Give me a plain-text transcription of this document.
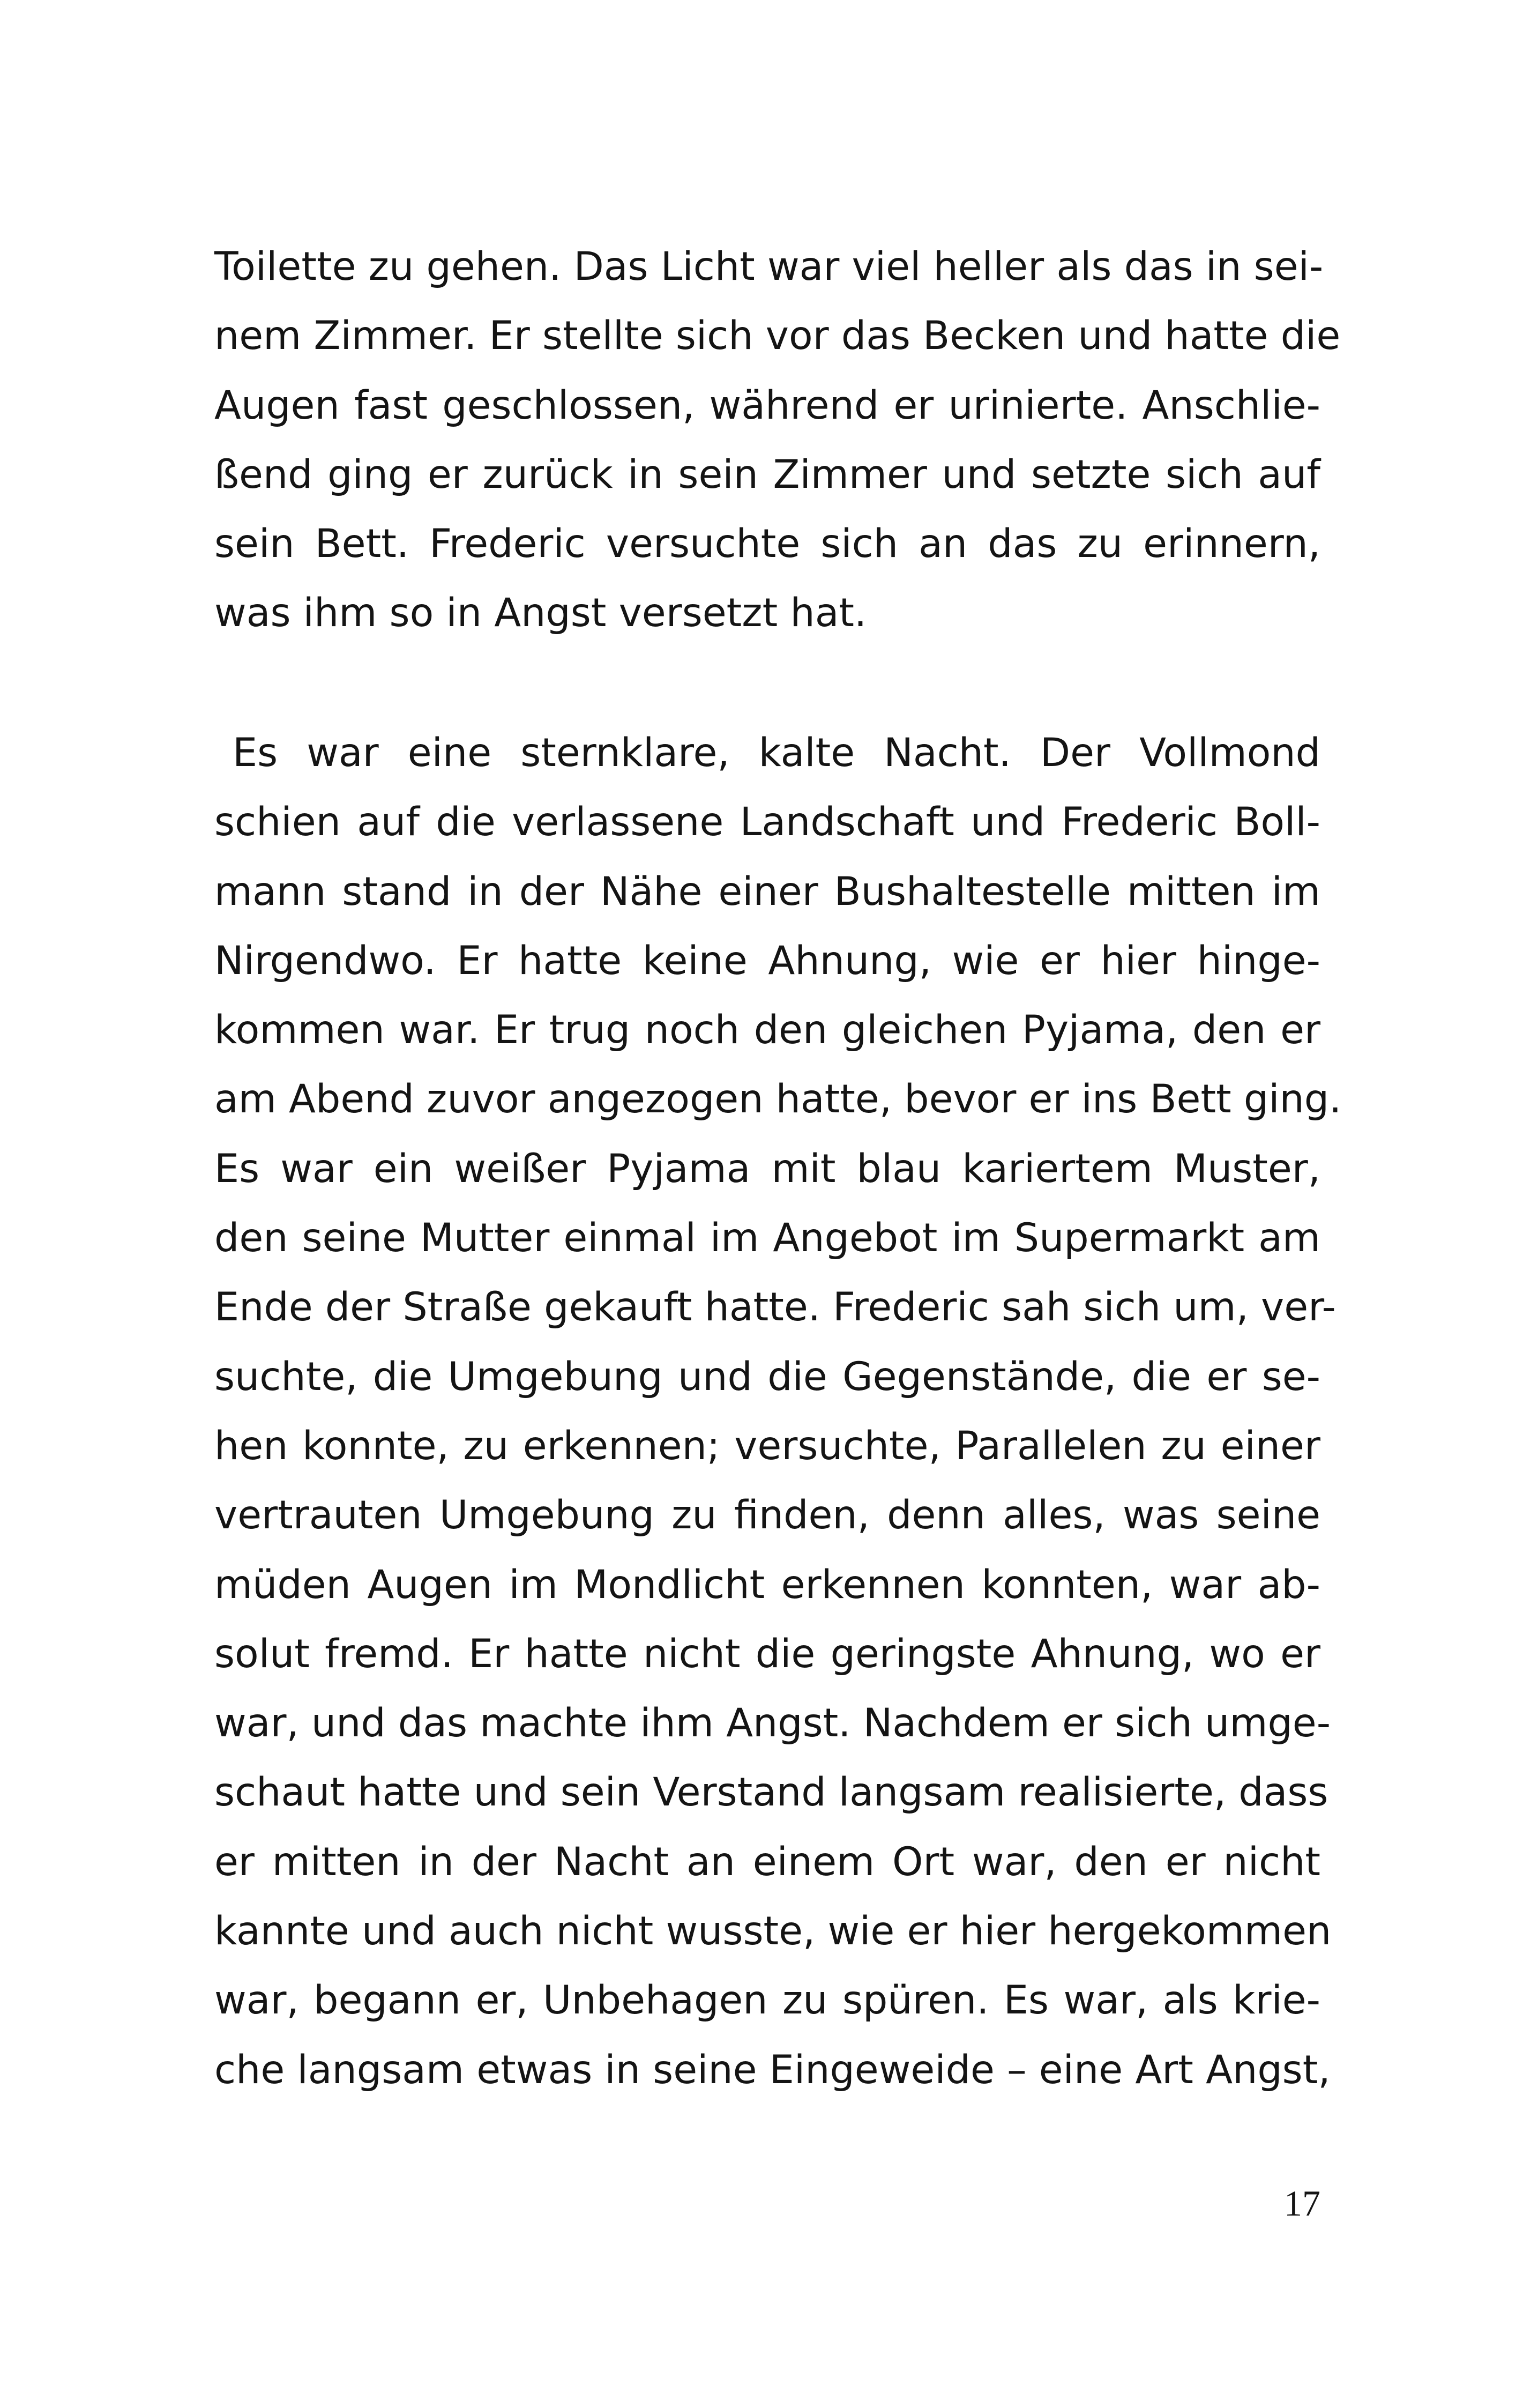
Toilette zu gehen. Das Licht war viel heller als das in sei-
nem Zimmer. Er stellte sich vor das Becken und hatte die
Augen fast geschlossen, während er urinierte. Anschlie-
ßend ging er zurück in sein Zimmer und setzte sich auf
sein Bett. Frederic versuchte sich an das zu erinnern,
was ihm so in Angst versetzt hat.
Es war eine sternklare, kalte Nacht. Der Vollmond
schien auf die verlassene Landschaft und Frederic Boll-
mann stand in der Nähe einer Bushaltestelle mitten im
Nirgendwo. Er hatte keine Ahnung, wie er hier hinge-
kommen war. Er trug noch den gleichen Pyjama, den er
am Abend zuvor angezogen hatte, bevor er ins Bett ging.
Es war ein weißer Pyjama mit blau kariertem Muster,
den seine Mutter einmal im Angebot im Supermarkt am
Ende der Straße gekauft hatte. Frederic sah sich um, ver-
suchte, die Umgebung und die Gegenstände, die er se-
hen konnte, zu erkennen; versuchte, Parallelen zu einer
vertrauten Umgebung zu finden, denn alles, was seine
müden Augen im Mondlicht erkennen konnten, war ab-
solut fremd. Er hatte nicht die geringste Ahnung, wo er
war, und das machte ihm Angst. Nachdem er sich umge-
schaut hatte und sein Verstand langsam realisierte, dass
er mitten in der Nacht an einem Ort war, den er nicht
kannte und auch nicht wusste, wie er hier hergekommen
war, begann er, Unbehagen zu spüren. Es war, als krie-
che langsam etwas in seine Eingeweide – eine Art Angst,
17
